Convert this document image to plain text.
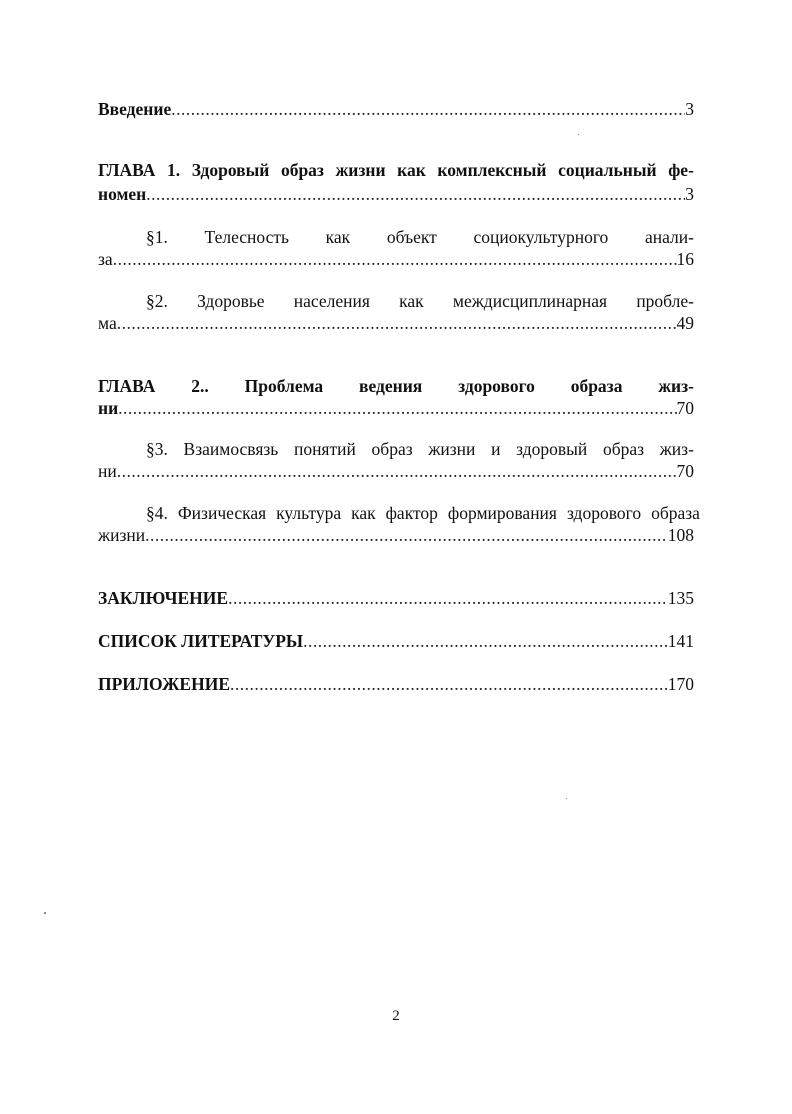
Введение .....	3
ГЛАВА 1. Здоровый образ жизни как комплексный социальный фе-
номен .....	3
§1. Телесность как объект социокультурного анали-
за .....	16
§2. Здоровье населения как междисциплинарная пробле-
ма .....	49
ГЛАВА 2.. Проблема ведения здорового образа жиз-
ни .....	70
§3. Взаимосвязь понятий образ жизни и здоровый образ жиз-
ни .....	70
§4. Физическая культура как фактор формирования здорового образа
жизни .....	108
ЗАКЛЮЧЕНИЕ .....	135
СПИСОК ЛИТЕРАТУРЫ .....	141
ПРИЛОЖЕНИЕ .....	170
2
